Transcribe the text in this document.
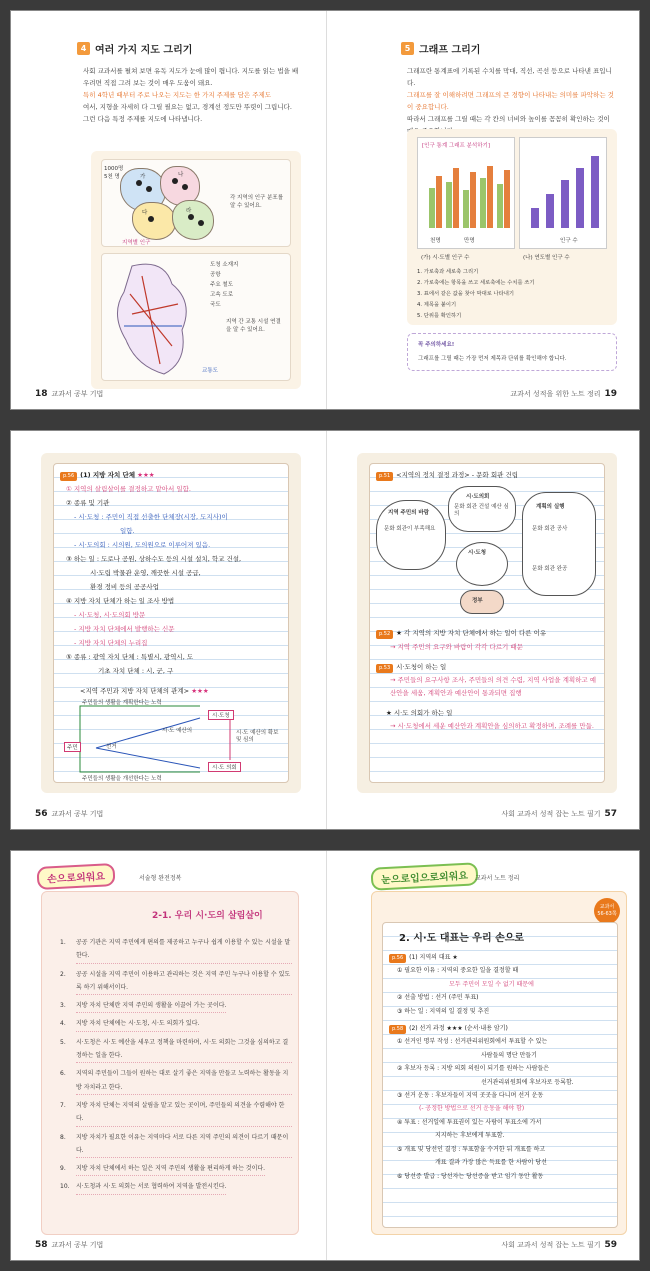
4 여러 가지 지도 그리기
사회 교과서를 펼쳐 보면 유독 지도가 눈에 많이 띕니다. 지도를 읽는 법을 배우려면 직접 그려 보는 것이 매우 도움이 돼요.
특히 4학년 때부터 주로 나오는 지도는 한 가지 주제를 담은 주제도
여서, 지형을 자세히 다 그릴 필요는 없고, 경계선 정도만 뚜렷이 그립니다.
그런 다음 특정 주제를 지도에 나타냅니다.
1000명
5천 명	가	나
다	라
각 지역의 인구 분포를 알 수 있어요.
지역별 인구
도청 소재지
공항
주요 철도
고속 도로
국도
지역 간 교통 시설 연결을 알 수 있어요.
교통도
18 교과서 공부 기법
5 그래프 그리기
그래프란 통계표에 기록된 수치를 막대, 직선, 곡선 등으로 나타낸 표입니다.
그래프를 잘 이해하려면 그래프의 큰 경향이 나타내는 의미를 파악하는 것이 중요합니다.
따라서 그래프를 그릴 때는 각 칸의 너비와 높이를 꼼꼼히 확인하는 것이
[인구 통계 그래프 분석하기]
천명	만명	인구 수
(가) 시·도별 인구 수	(나) 연도별 인구 수
1. 가로축과 세로축 그리기
2. 가로축에는 항목을 쓰고 세로축에는 수치를 쓰기
3. 표에서 같은 값을 찾아 막대로 나타내기
4. 제목을 붙이기
5. 단위를 확인하기
꼭 주의하세요!
그래프를 그릴 때는 가장 먼저 제목과 단위를 확인해야 합니다.
교과서 성적을 위한 노트 정리 19
p.56 (1) 지방 자치 단체 ★★★
① 지역의 살림살이를 결정하고 맡아서 일함.
② 종류 및 기관
- 시·도청 : 주민이 직접 선출한 단체장(시장, 도지사)이
일함.
- 시·도의회 : 시의원, 도의원으로 이루어져 있음.
③ 하는 일 : 도로나 공원, 상하수도 등의 시설 설치, 학교 건설,
시·도립 박물관 운영, 깨끗한 시설 공급,
환경 정비 등의 공공사업
④ 지방 자치 단체가 하는 일 조사 방법
- 시·도청, 시·도의회 방문
- 지방 자치 단체에서 발행하는 신문
- 지방 자치 단체의 누리집
⑤ 종류 : 광역 자치 단체 : 특별시, 광역시, 도
기초 자치 단체 : 시, 군, 구
<지역 주민과 지방 자치 단체의 관계> ★★★
주민들의 생활을 계획한다는 노력
주민	선거
시·도청
시·도 의회
시·도 예산의	시·도 예산의 확보 및 심의
주민들의 생활을 개선한다는 노력
56 교과서 공부 기법
p.51 <지역의 정치 결정 과정> - 문화 회관 건립
지역 주민의 바람
시·도의회
계획의 실행
시·도청
정부
문화 회관이 부족해요
문화 회관 건설 예산 심의
문화 회관 공사
문화 회관 완공
p.52 ★ 각 지역의 지방 자치 단체에서 하는 일이 다른 이유
→ 지역 주민의 요구와 바람이 각각 다르기 때문
p.53 시·도청이 하는 일
→ 주민들의 요구사항 조사, 주민들의 의견 수렴, 지역 사업을 계획하고 예산안을 세움, 계획안과 예산안이 통과되면 집행
★ 시·도 의회가 하는 일
→ 시·도청에서 세운 예산안과 계획안을 심의하고 확정하며, 조례를 만듦.
사회 교과서 성적 잡는 노트 필기 57
손으로외워요	서술형 완전정복
2-1. 우리 시·도의 살림살이
1.	공공 기관은 지역 주민에게 편의를 제공하고 누구나 쉽게 이용할 수 있는 시설을 말한다.
2.	공공 시설을 지역 주민이 이용하고 관리하는 것은 지역 주민 누구나 이용할 수 있도록 하기 위해서이다.
3.	지방 자치 단체란 지역 주민의 생활을 이끌어 가는 곳이다.
4.	지방 자치 단체에는 시·도청, 시·도 의회가 있다.
5.	시·도청은 시·도 예산을 세우고 정책을 마련하며, 시·도 의회는 그것을 심의하고 결정하는 일을 한다.
6.	지역의 주민들이 그들이 원하는 대로 살기 좋은 지역을 만들고 노력하는 활동을 지방 자치라고 한다.
7.	지방 자치 단체는 지역의 살림을 맡고 있는 곳이며, 주민들의 의견을 수렴해야 한다.
8.	지방 자치가 필요한 이유는 지역마다 서로 다른 지역 주민의 의견이 다르기 때문이다.
9.	지방 자치 단체에서 하는 일은 지역 주민의 생활을 편리하게 하는 것이다.
10. 시·도청과 시·도 의회는 서로 협력하여 지역을 발전시킨다.
58 교과서 공부 기법
눈으로입으로외워요	교과서 노트 정리
교과서
56-63쪽
2. 시·도 대표는 우리 손으로
p.56 (1) 지역의 대표 ★
① 필요한 이유 : 지역의 중요한 일을 결정할 때
모두 주민이 모일 수 없기 때문에
② 선출 방법 : 선거 (주민 투표)
③ 하는 일 : 지역의 일 결정 및 추진
p.58 (2) 선거 과정 ★★★ (순서·내용 암기)
① 선거인 명부 작성 : 선거관리위원회에서 투표할 수 있는
사람들의 명단 만들기
② 후보자 등록 : 지방 의회 의원이 되기를 원하는 사람들은
선거관리위원회에 후보자로 등록함.
③ 선거 운동 : 후보자들이 지역 곳곳을 다니며 선거 운동
(- 공정한 방법으로 선거 운동을 해야 함)
④ 투표 : 선거일에 투표권이 있는 사람이 투표소에 가서
지지하는 후보에게 투표함.
⑤ 개표 및 당선인 결정 : 투표함을 수거한 뒤 개표를 하고
개표 결과 가장 많은 득표를 한 사람이 당선
⑥ 당선증 발급 : 당선자는 당선증을 받고 임기 동안 활동
사회 교과서 성적 잡는 노트 필기 59
